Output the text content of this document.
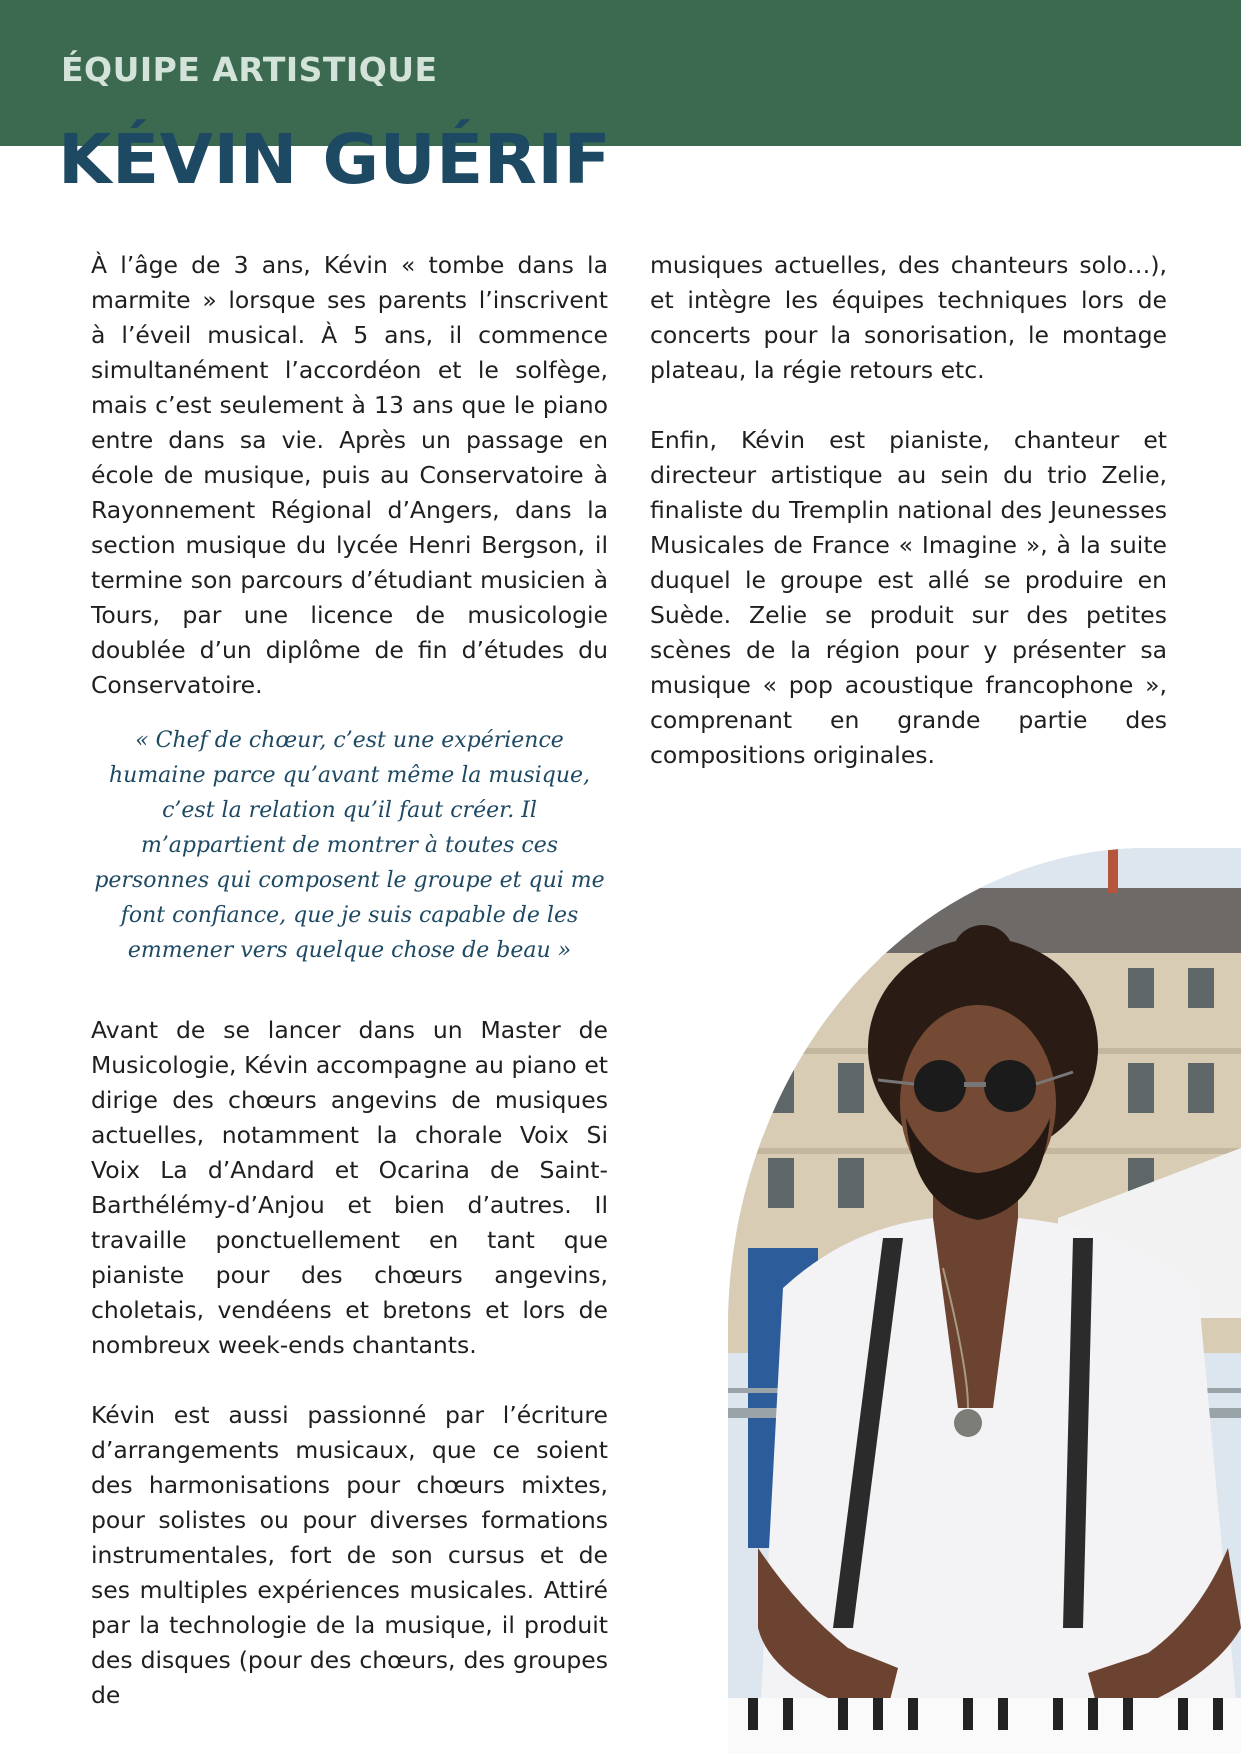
ÉQUIPE ARTISTIQUE
KÉVIN GUÉRIF

À l’âge de 3 ans, Kévin « tombe dans la marmite » lorsque ses parents l’inscrivent à l’éveil musical. À 5 ans, il commence simultanément l’accordéon et le solfège, mais c’est seulement à 13 ans que le piano entre dans sa vie. Après un passage en école de musique, puis au Conservatoire à Rayonnement Régional d’Angers, dans la section musique du lycée Henri Bergson, il termine son parcours d’étudiant musicien à Tours, par une licence de musicologie doublée d’un diplôme de fin d’études du Conservatoire.

« Chef de chœur, c’est une expérience humaine parce qu’avant même la musique, c’est la relation qu’il faut créer. Il m’appartient de montrer à toutes ces personnes qui composent le groupe et qui me font confiance, que je suis capable de les emmener vers quelque chose de beau »

Avant de se lancer dans un Master de Musicologie, Kévin accompagne au piano et dirige des chœurs angevins de musiques actuelles, notamment la chorale Voix Si Voix La d’Andard et Ocarina de Saint-Barthélémy-d’Anjou et bien d’autres. Il travaille ponctuellement en tant que pianiste pour des chœurs angevins, choletais, vendéens et bretons et lors de nombreux week-ends chantants.

Kévin est aussi passionné par l’écriture d’arrangements musicaux, que ce soient des harmonisations pour chœurs mixtes, pour solistes ou pour diverses formations instrumentales, fort de son cursus et de ses multiples expériences musicales. Attiré par la technologie de la musique, il produit des disques (pour des chœurs, des groupes de

musiques actuelles, des chanteurs solo…), et intègre les équipes techniques lors de concerts pour la sonorisation, le montage plateau, la régie retours etc.

Enfin, Kévin est pianiste, chanteur et directeur artistique au sein du trio Zelie, finaliste du Tremplin national des Jeunesses Musicales de France « Imagine », à la suite duquel le groupe est allé se produire en Suède. Zelie se produit sur des petites scènes de la région pour y présenter sa musique « pop acoustique francophone », comprenant en grande partie des compositions originales.
